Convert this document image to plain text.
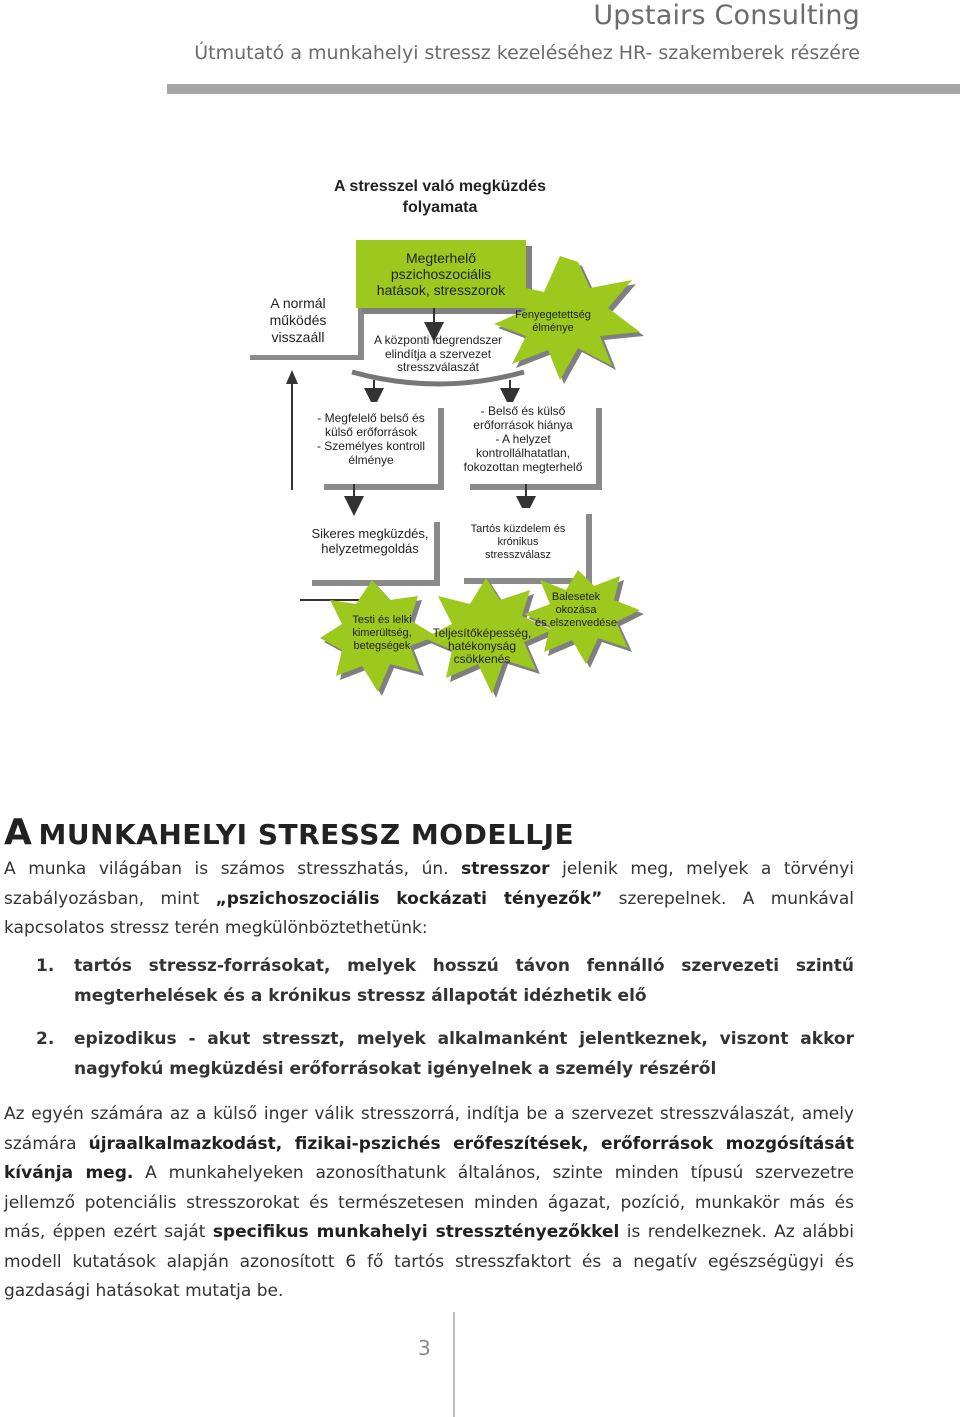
Upstairs Consulting
Útmutató a munkahelyi stressz kezeléséhez HR- szakemberek részére
A stresszel való megküzdés
folyamata
A normál
működés
visszaáll
Megterhelő
pszichoszociális
hatások, stresszorok
Fenyegetettség
élménye
A központi idegrendszer
elindítja a szervezet
stresszválaszát
- Megfelelő belső és
külső erőforrások
- Személyes kontroll
élménye
- Belső és külső
erőforrások hiánya
- A helyzet
kontrollálhatatlan,
fokozottan megterhelő
Sikeres megküzdés,
helyzetmegoldás
Tartós küzdelem és
krónikus
stresszválasz
Testi és lelki
kimerültség,
betegségek
Teljesítőképesség,
hatékonyság
csökkenés
Balesetek
okozása
és elszenvedése
A MUNKAHELYI STRESSZ MODELLJE
A munka világában is számos stresszhatás, ún. stresszor jelenik meg, melyek a törvényi szabályozásban, mint „pszichoszociális kockázati tényezők” szerepelnek. A munkával kapcsolatos stressz terén megkülönböztethetünk:
1. tartós stressz-forrásokat, melyek hosszú távon fennálló szervezeti szintű megterhelések és a krónikus stressz állapotát idézhetik elő
2. epizodikus - akut stresszt, melyek alkalmanként jelentkeznek, viszont akkor nagyfokú megküzdési erőforrásokat igényelnek a személy részéről
Az egyén számára az a külső inger válik stresszorrá, indítja be a szervezet stresszválaszát, amely számára újraalkalmazkodást, fizikai-pszichés erőfeszítések, erőforrások mozgósítását kívánja meg. A munkahelyeken azonosíthatunk általános, szinte minden típusú szervezetre jellemző potenciális stresszorokat és természetesen minden ágazat, pozíció, munkakör más és más, éppen ezért saját specifikus munkahelyi stressztényezőkkel is rendelkeznek. Az alábbi modell kutatások alapján azonosított 6 fő tartós stresszfaktort és a negatív egészségügyi és gazdasági hatásokat mutatja be.
3
